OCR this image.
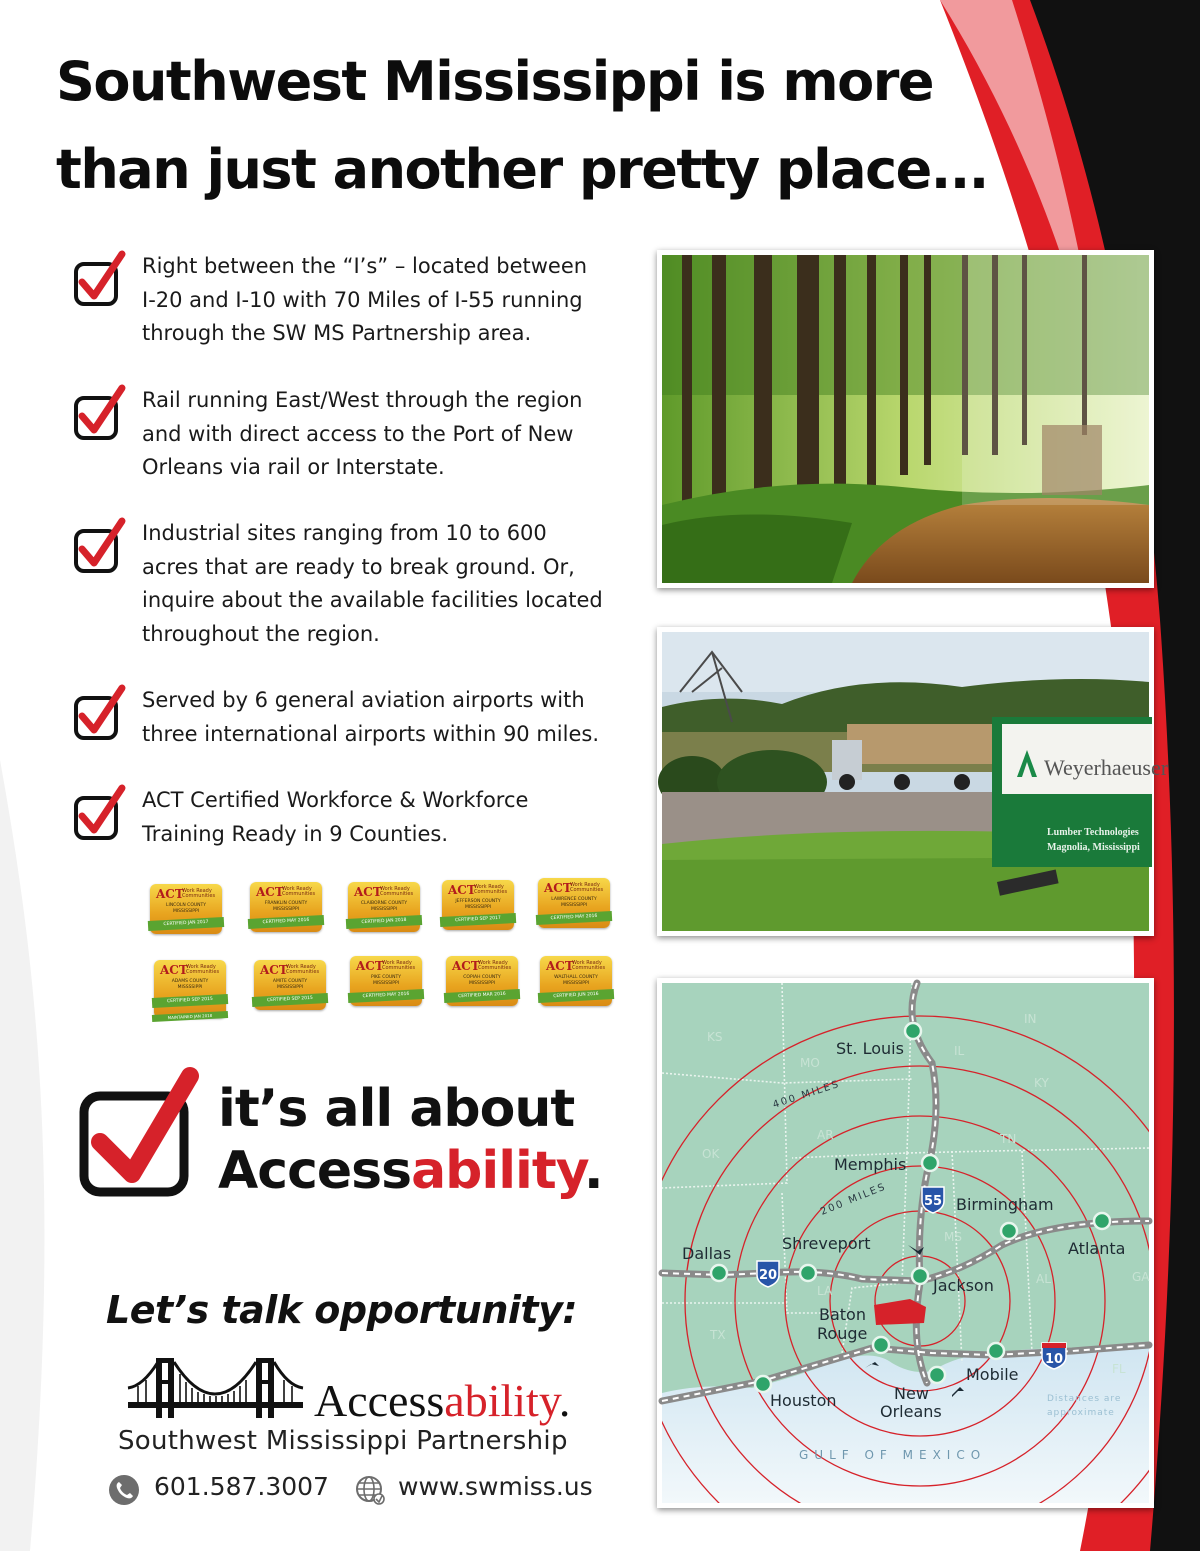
Southwest Mississippi is more
than just another pretty place...
Right between the “I’s” – located between
I-20 and I-10 with 70 Miles of I-55 running
through the SW MS Partnership area.
Rail running East/West through the region
and with direct access to the Port of New
Orleans via rail or Interstate.
Industrial sites ranging from 10 to 600
acres that are ready to break ground. Or,
inquire about the available facilities located
throughout the region.
Served by 6 general aviation airports with
three international airports within 90 miles.
ACT Certified Workforce & Workforce
Training Ready in 9 Counties.
ACT
Work Ready Communities
LINCOLN COUNTY
MISSISSIPPI
CERTIFIED JAN 2017
ACT
Work Ready Communities
FRANKLIN COUNTY
MISSISSIPPI
CERTIFIED MAY 2016
ACT
Work Ready Communities
CLAIBORNE COUNTY
MISSISSIPPI
CERTIFIED JAN 2018
ACT
Work Ready Communities
JEFFERSON COUNTY
MISSISSIPPI
CERTIFIED SEP 2017
ACT
Work Ready Communities
LAWRENCE COUNTY
MISSISSIPPI
CERTIFIED MAY 2016
ACT
Work Ready Communities
ADAMS COUNTY
MISSSSIPPI
CERTIFIED SEP 2015
MAINTAINED JAN 2018
ACT
Work Ready Communities
AMITE COUNTY
MISSISSIPPI
CERTIFIED SEP 2015
ACT
Work Ready Communities
PIKE COUNTY
MISSISSIPPI
CERTIFIED MAY 2016
ACT
Work Ready Communities
COPIAH COUNTY
MISSISSIPPI
CERTIFIED MAR 2016
ACT
Work Ready Communities
WALTHALL COUNTY
MISSISSIPPI
CERTIFIED JUN 2016
it’s all about
Accessability.
Let’s talk opportunity:
Accessability.
Southwest Mississippi Partnership
601.587.3007	www.swmiss.us
Weyerhaeuser
Lumber Technologies
Magnolia, Mississippi
55
20
10
KS
MO
IL
IN
KY
OK
AR	TN
MS
AL	GA
LA
TX
FL
400 MILES
200 MILES
St. Louis
Memphis
Birmingham
Atlanta
Dallas
Shreveport
Jackson
Baton
Rouge
Mobile
Houston	New
Orleans
GULF OF MEXICO
Distances are
approximate
